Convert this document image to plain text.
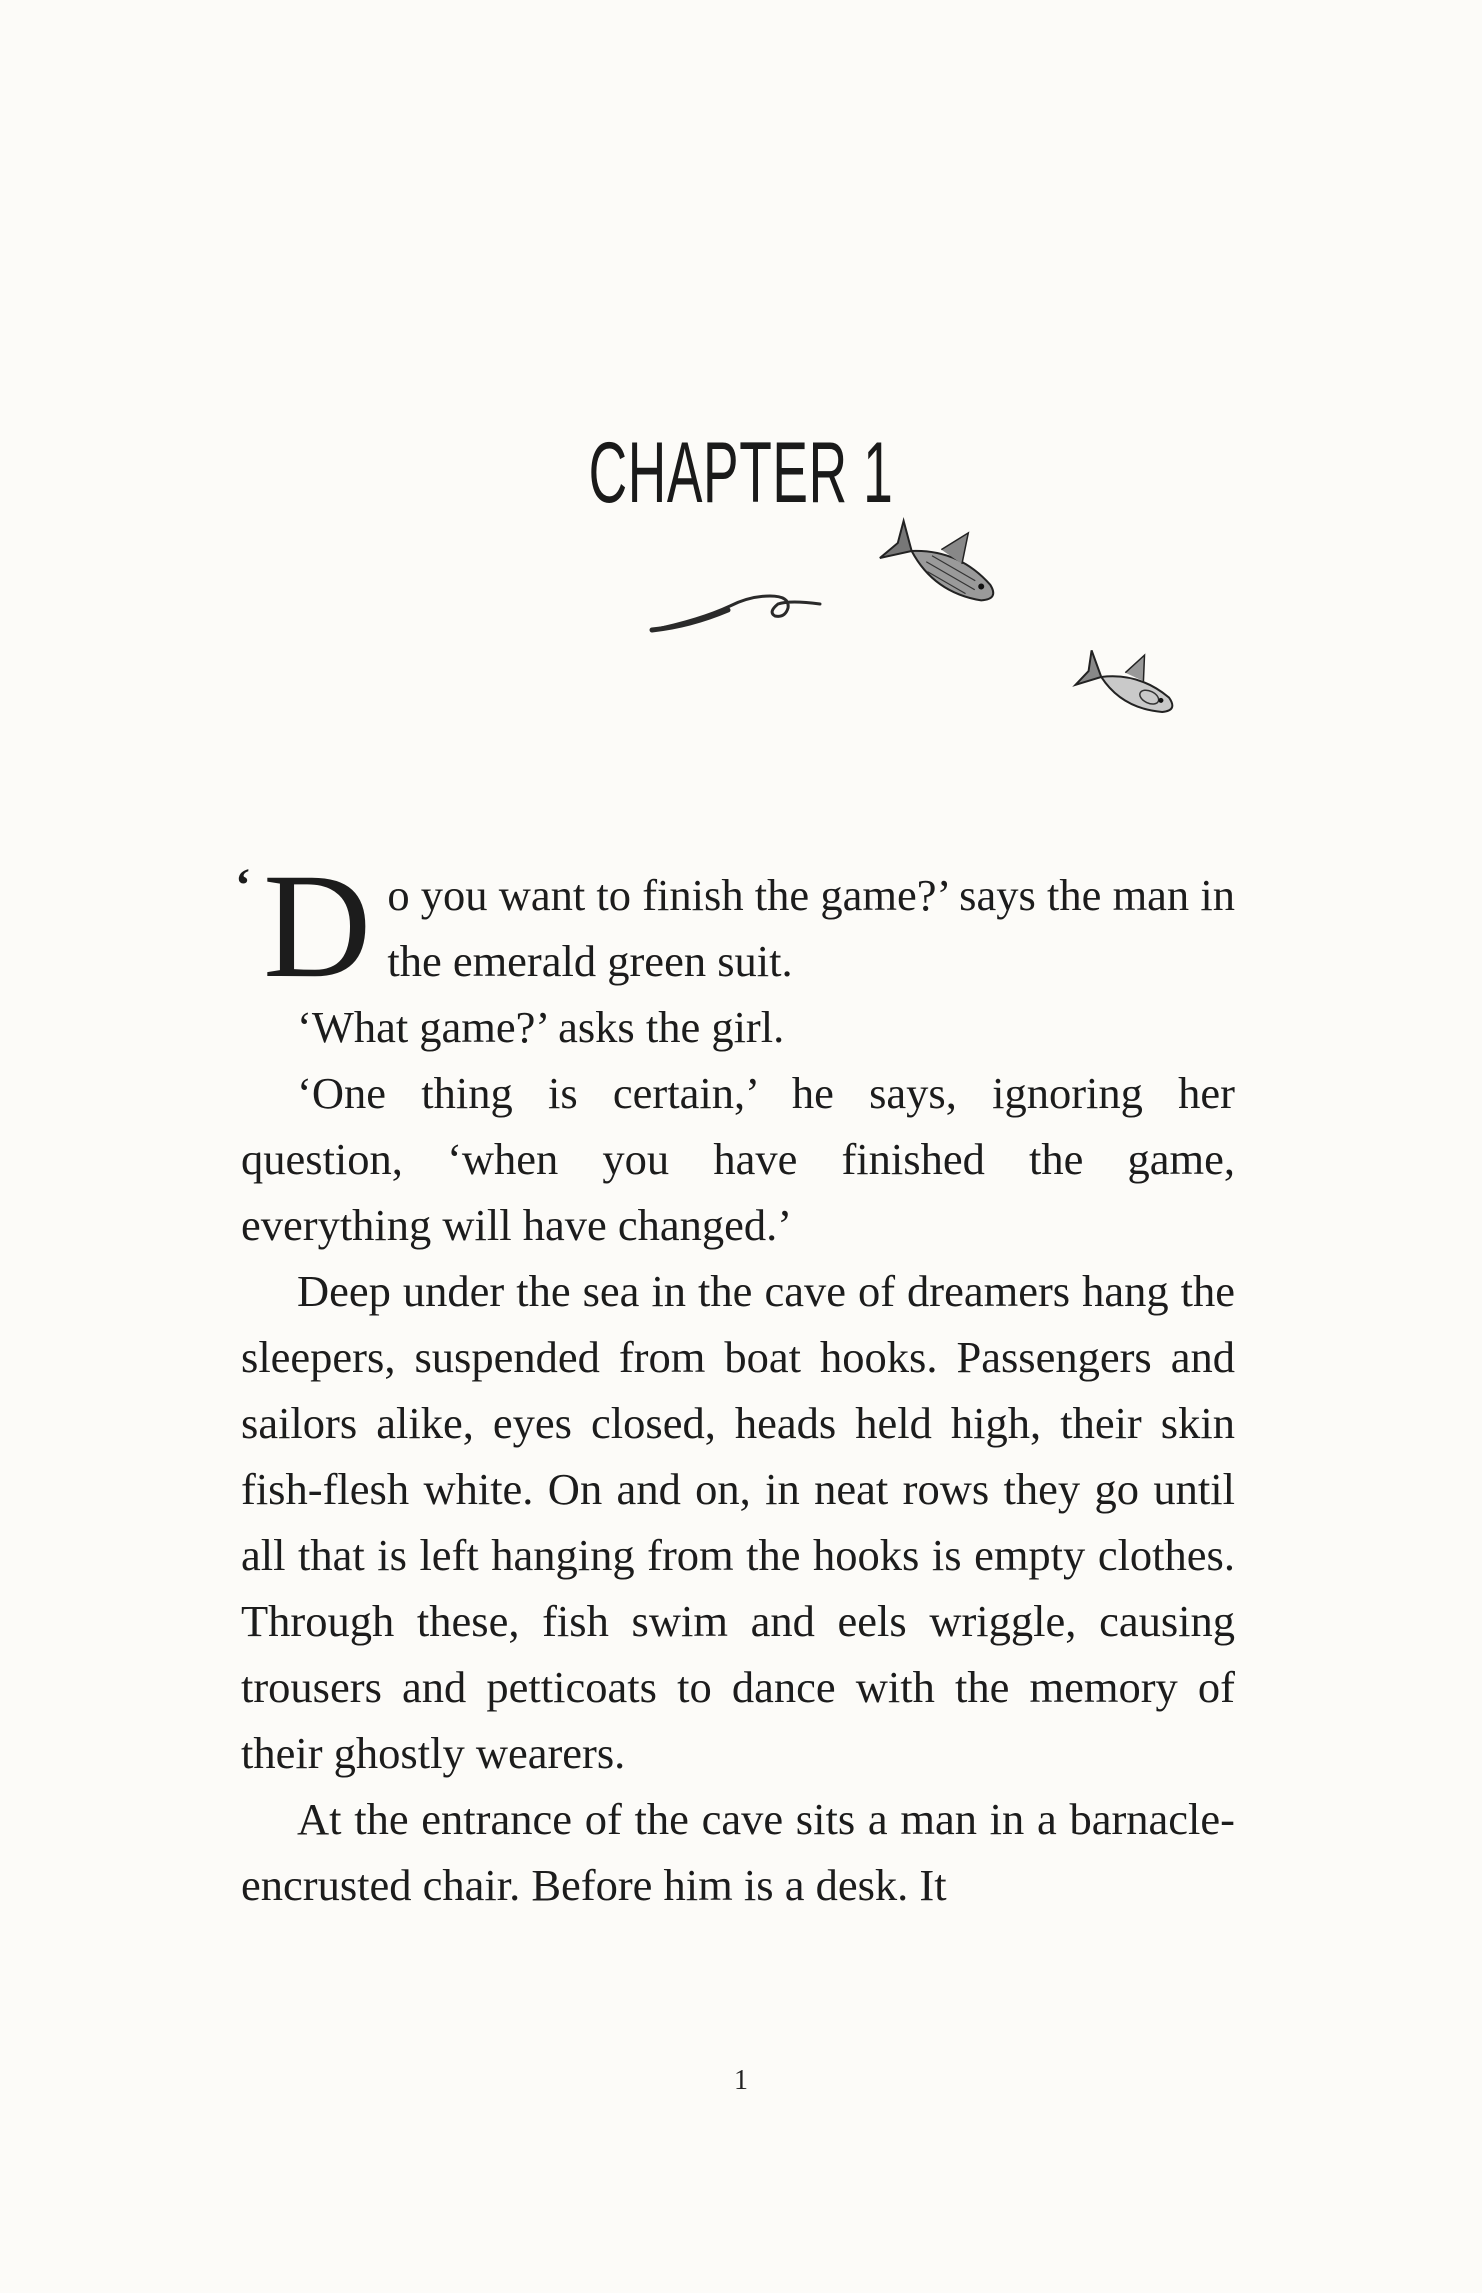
CHAPTER 1

‘ D o you want to finish the game?’ says the man in the emerald green suit.

‘What game?’ asks the girl.

‘One thing is certain,’ he says, ignoring her question, ‘when you have finished the game, everything will have changed.’

Deep under the sea in the cave of dreamers hang the sleepers, suspended from boat hooks. Passengers and sailors alike, eyes closed, heads held high, their skin fish-flesh white. On and on, in neat rows they go until all that is left hanging from the hooks is empty clothes. Through these, fish swim and eels wriggle, causing trousers and petticoats to dance with the memory of their ghostly wearers.

At the entrance of the cave sits a man in a barnacle-encrusted chair. Before him is a desk. It

1
